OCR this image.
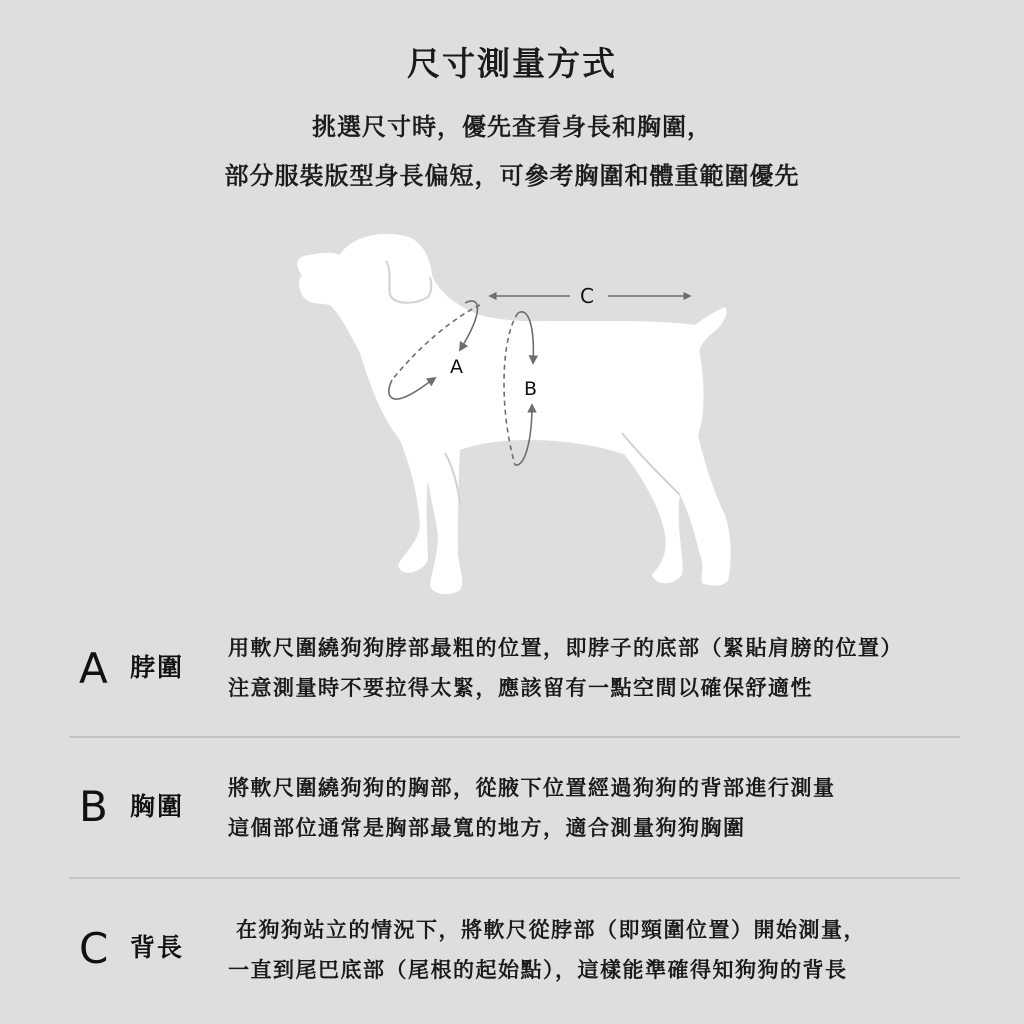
尺寸測量方式
挑選尺寸時，優先查看身長和胸圍，
部分服裝版型身長偏短，可參考胸圍和體重範圍優先
A
B
C
A 脖圍
用軟尺圍繞狗狗脖部最粗的位置，即脖子的底部（緊貼肩膀的位置）
注意測量時不要拉得太緊，應該留有一點空間以確保舒適性
B 胸圍
將軟尺圍繞狗狗的胸部，從腋下位置經過狗狗的背部進行測量
這個部位通常是胸部最寬的地方，適合測量狗狗胸圍
C 背長
在狗狗站立的情況下，將軟尺從脖部（即頸圍位置）開始測量，
一直到尾巴底部（尾根的起始點），這樣能準確得知狗狗的背長
